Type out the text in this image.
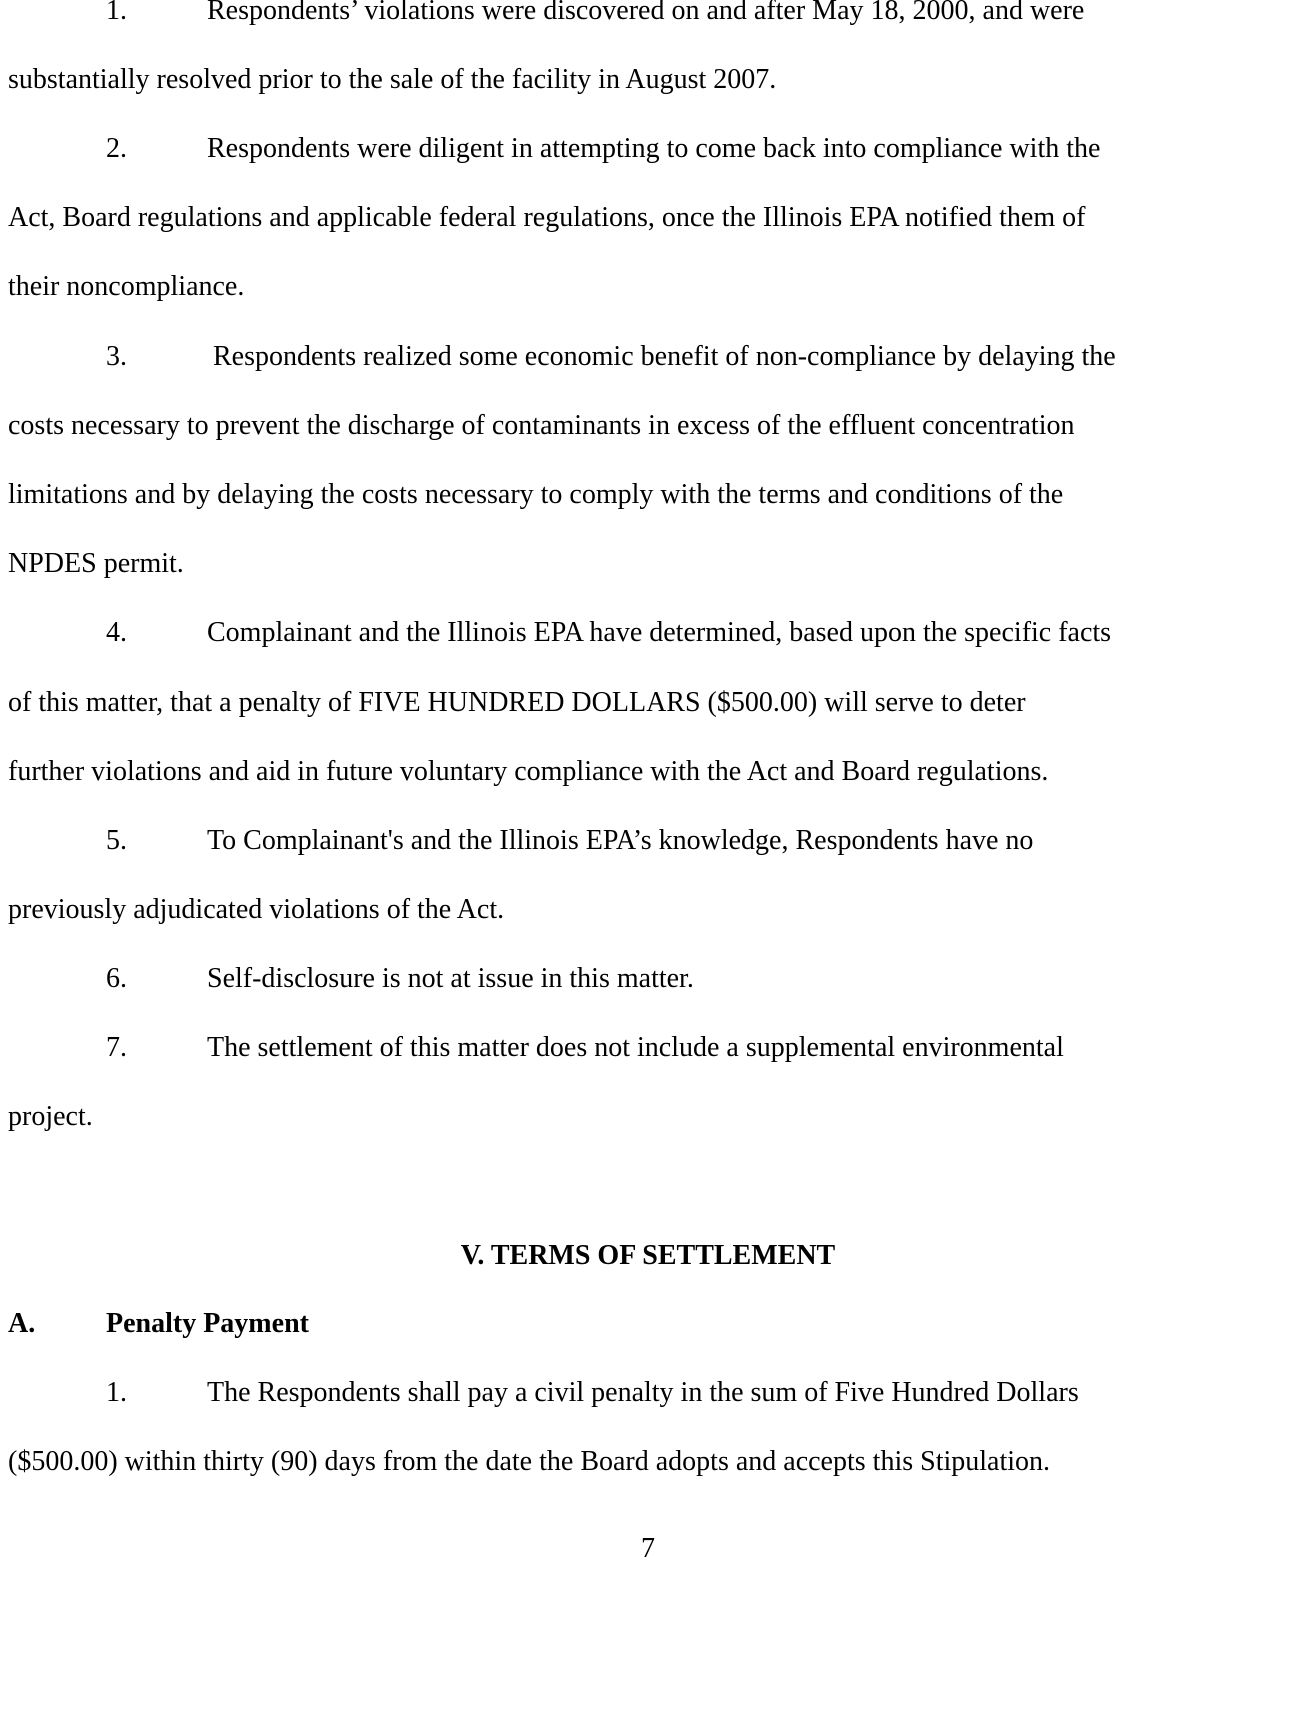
1.	Respondents’ violations were discovered on and after May 18, 2000, and were
substantially resolved prior to the sale of the facility in August 2007.
2.	Respondents were diligent in attempting to come back into compliance with the
Act, Board regulations and applicable federal regulations, once the Illinois EPA notified them of
their noncompliance.
3.	Respondents realized some economic benefit of non-compliance by delaying the
costs necessary to prevent the discharge of contaminants in excess of the effluent concentration
limitations and by delaying the costs necessary to comply with the terms and conditions of the
NPDES permit.
4.	Complainant and the Illinois EPA have determined, based upon the specific facts
of this matter, that a penalty of FIVE HUNDRED DOLLARS ($500.00) will serve to deter
further violations and aid in future voluntary compliance with the Act and Board regulations.
5.	To Complainant's and the Illinois EPA’s knowledge, Respondents have no
previously adjudicated violations of the Act.
6.	Self-disclosure is not at issue in this matter.
7.	The settlement of this matter does not include a supplemental environmental
project.
V. TERMS OF SETTLEMENT
A.	Penalty Payment
1.	The Respondents shall pay a civil penalty in the sum of Five Hundred Dollars
($500.00) within thirty (90) days from the date the Board adopts and accepts this Stipulation.
7
